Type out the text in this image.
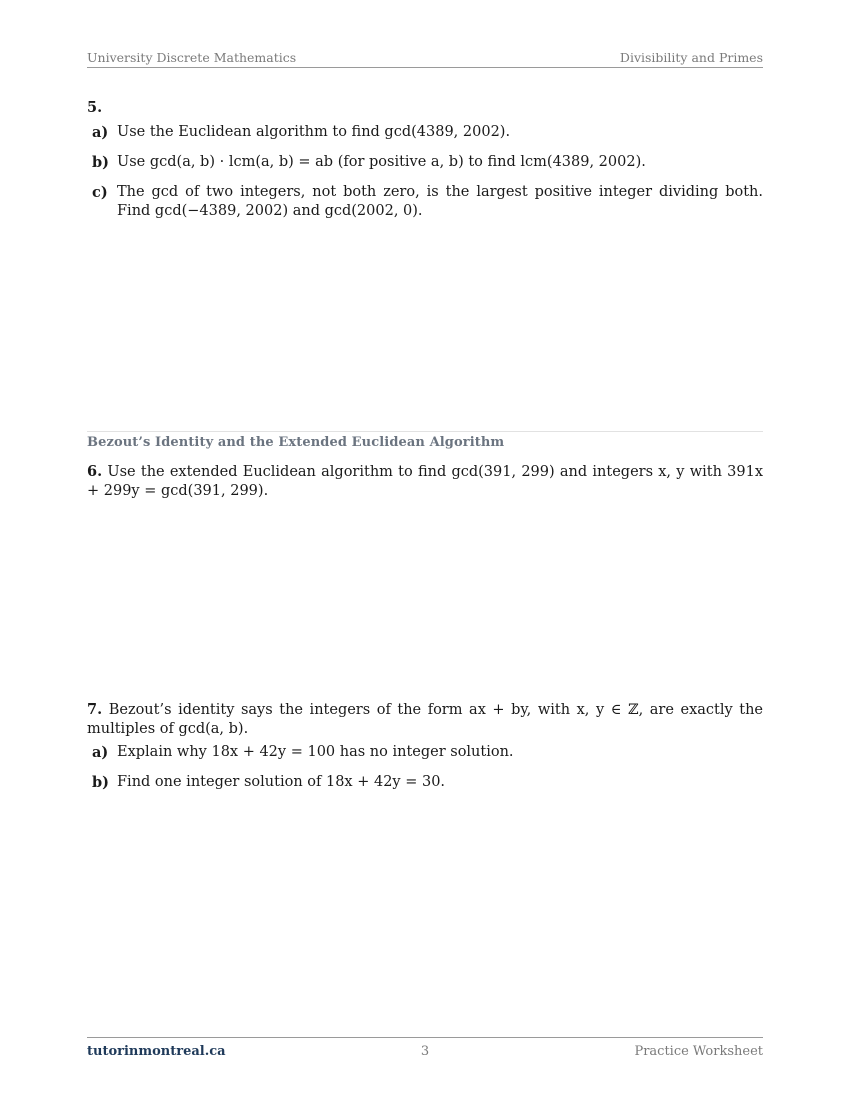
University Discrete Mathematics	Divisibility and Primes
5.
a) Use the Euclidean algorithm to find gcd(4389, 2002).
b) Use gcd(a, b) · lcm(a, b) = ab (for positive a, b) to find lcm(4389, 2002).
c) The gcd of two integers, not both zero, is the largest positive integer dividing both. Find gcd(−4389, 2002) and gcd(2002, 0).
Bezout’s Identity and the Extended Euclidean Algorithm
6. Use the extended Euclidean algorithm to find gcd(391, 299) and integers x, y with 391x + 299y = gcd(391, 299).
7. Bezout’s identity says the integers of the form ax + by, with x, y ∈ ℤ, are exactly the multiples of gcd(a, b).
a) Explain why 18x + 42y = 100 has no integer solution.
b) Find one integer solution of 18x + 42y = 30.
tutorinmontreal.ca	3	Practice Worksheet
